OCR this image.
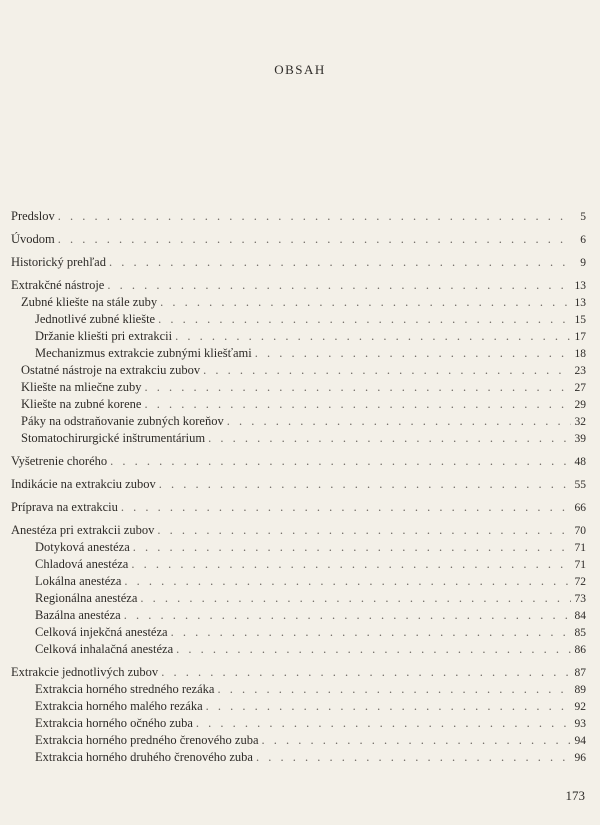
OBSAH
Predslov . . .	5
Úvodom . . .	6
Historický prehľad . . .	9
Extrakčné nástroje . . .	13
Zubné kliešte na stále zuby . . .	13
Jednotlivé zubné kliešte . . .	15
Držanie kliešti pri extrakcii . . .	17
Mechanizmus extrakcie zubnými kliešťami . . .	18
Ostatné nástroje na extrakciu zubov . . .	23
Kliešte na mliečne zuby . . .	27
Kliešte na zubné korene . . .	29
Páky na odstraňovanie zubných koreňov . . .	32
Stomatochirurgické inštrumentárium . . .	39
Vyšetrenie chorého . . .	48
Indikácie na extrakciu zubov . . .	55
Príprava na extrakciu . . .	66
Anestéza pri extrakcii zubov . . .	70
Dotyková anestéza . . .	71
Chladová anestéza . . .	71
Lokálna anestéza . . .	72
Regionálna anestéza . . .	73
Bazálna anestéza . . .	84
Celková injekčná anestéza . . .	85
Celková inhalačná anestéza . . .	86
Extrakcie jednotlivých zubov . . .	87
Extrakcia horného stredného rezáka . . .	89
Extrakcia horného malého rezáka . . .	92
Extrakcia horného očného zuba . . .	93
Extrakcia horného predného črenového zuba . . .	94
Extrakcia horného druhého črenového zuba . . .	96
173
